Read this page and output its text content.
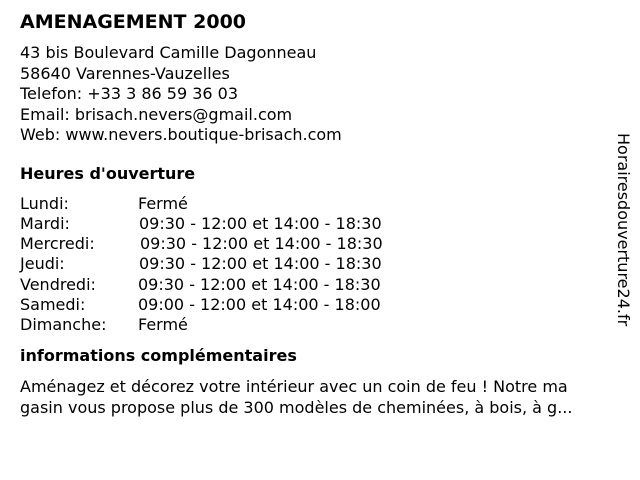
AMENAGEMENT 2000
43 bis Boulevard Camille Dagonneau
58640 Varennes-Vauzelles
Telefon: +33 3 86 59 36 03
Email: brisach.nevers@gmail.com
Web: www.nevers.boutique-brisach.com
Heures d'ouverture
Lundi:	Fermé
Mardi:	09:30 - 12:00 et 14:00 - 18:30
Mercredi:	09:30 - 12:00 et 14:00 - 18:30
Jeudi:	09:30 - 12:00 et 14:00 - 18:30
Vendredi:	09:30 - 12:00 et 14:00 - 18:30
Samedi:	09:00 - 12:00 et 14:00 - 18:00
Dimanche: Fermé
informations complémentaires
Aménagez et décorez votre intérieur avec un coin de feu ! Notre ma
gasin vous propose plus de 300 modèles de cheminées, à bois, à g...
Horairesdouverture24.fr
